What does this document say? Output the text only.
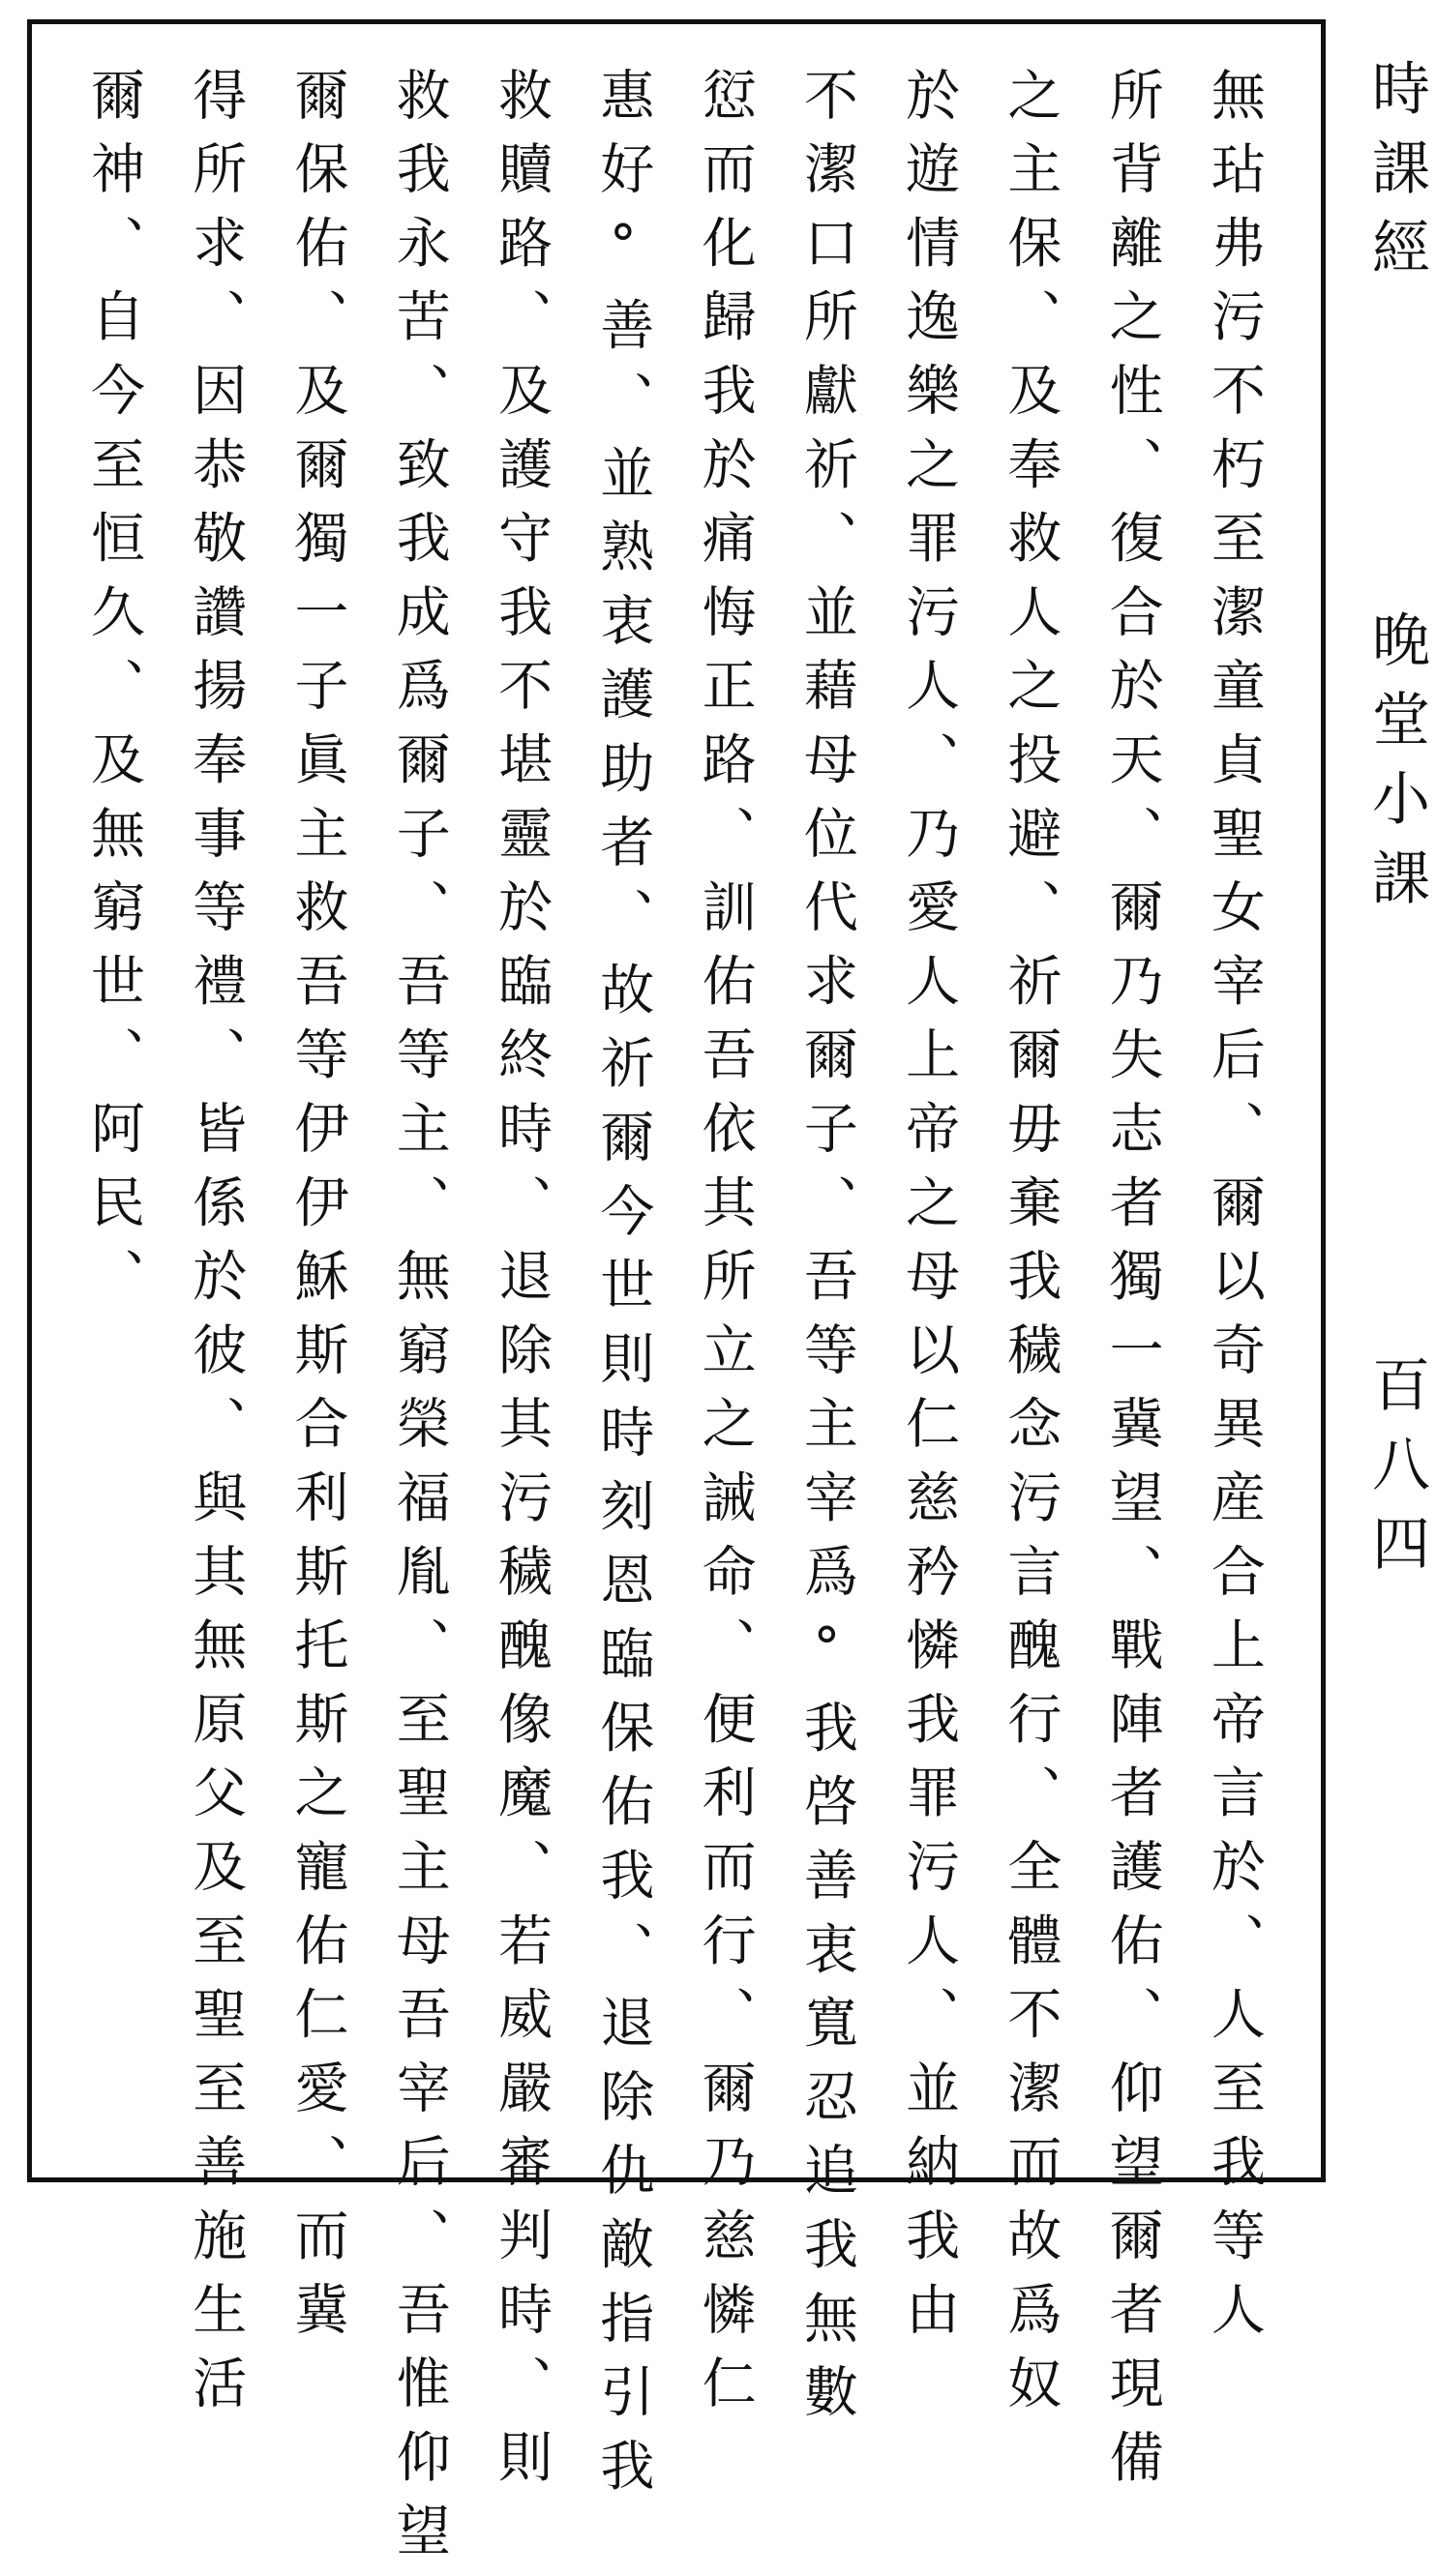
無玷弗污不朽至潔童貞聖女宰后、爾以奇異産合上帝言於、人至我等人
所背離之性、復合於天、爾乃失志者獨一冀望、戰陣者護佑、仰望爾者現備
之主保、及奉救人之投避、祈爾毋棄我穢念污言醜行、全體不潔而故爲奴
於遊情逸樂之罪污人、乃愛人上帝之母以仁慈矜憐我罪污人、並納我由
不潔口所獻祈、並藉母位代求爾子、吾等主宰爲°我啓善衷寬忍追我無數
愆而化歸我於痛悔正路、訓佑吾依其所立之誡命、便利而行、爾乃慈憐仁
惠好°善、並熟衷護助者、故祈爾今世則時刻恩臨保佑我、退除仇敵指引我
救贖路、及護守我不堪靈於臨終時、退除其污穢醜像魔、若威嚴審判時、則
救我永苦、致我成爲爾子、吾等主、無窮榮福胤、至聖主母吾宰后、吾惟仰望
爾保佑、及爾獨一子眞主救吾等伊伊穌斯合利斯托斯之寵佑仁愛、而冀
得所求、因恭敬讚揚奉事等禮、皆係於彼、與其無原父及至聖至善施生活
爾神、自今至恒久、及無窮世、阿民、	時課經
晚堂小課
百八四
